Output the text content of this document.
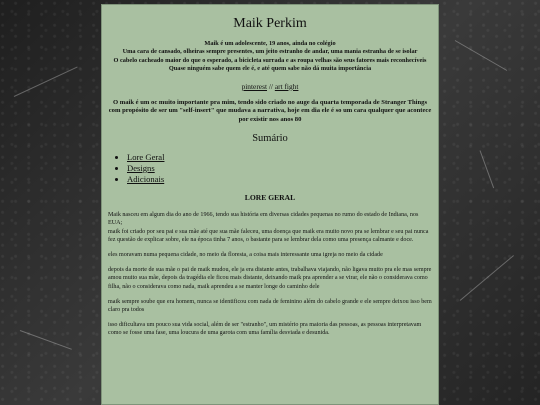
Maik Perkim
Maik é um adolescente, 19 anos, ainda no colégio
Uma cara de cansado, olheiras sempre presentes, um jeito estranho de andar, uma mania estranha de se isolar
O cabelo cacheado maior do que o esperado, a bicicleta surrada e as roupa velhas são seus fatores mais reconhecíveis
Quase ninguém sabe quem ele é, e até quem sabe não dá muita importância
pinterest // art fight
O maik é um oc muito importante pra mim, tendo sido criado no auge da quarta temporada de Stranger Things com propósito de ser um "self-insert" que mudava a narrativa, hoje em dia ele é so um cara qualquer que acontece por existir nos anos 80
Sumário
• Lore Geral
• Designs
• Adicionais
LORE GERAL

Maik nasceu em algum dia do ano de 1966, tendo sua história em diversas cidades pequenas no rumo do estado de Indiana, nos EUA;
maik foi criado por seu pai e sua mãe até que sua mãe faleceu, uma doença que maik era muito novo pra se lembrar e seu pai nunca fez questão de explicar sobre, ele na época tinha 7 anos, o bastante para se lembrar dela como uma presença calmante e doce.

eles moravam numa pequena cidade, no meio da floresta, a coisa mais interessante uma igreja no meio da cidade

depois da morte de sua mãe o pai de maik mudou, ele ja era distante antes, trabalhava viajando, não ligava muito pra ele mas sempre amou muito sua mãe, depois da tragédia ele ficou mais distante, deixando maik pra aprender a se virar, ele não o considerava como filha, não o considerava como nada, maik aprendeu a se manter longe do caminho dele

maik sempre soube que era homem, nunca se identificou com nada de feminino além do cabelo grande e ele sempre deixou isso bem claro pra todos

isso dificultava um pouco sua vida social, além de ser "estranho", um mistério pra maioria das pessoas, as pessoas interpretavam como se fosse uma fase, uma loucura de uma garota com uma família desviada e desunida.
